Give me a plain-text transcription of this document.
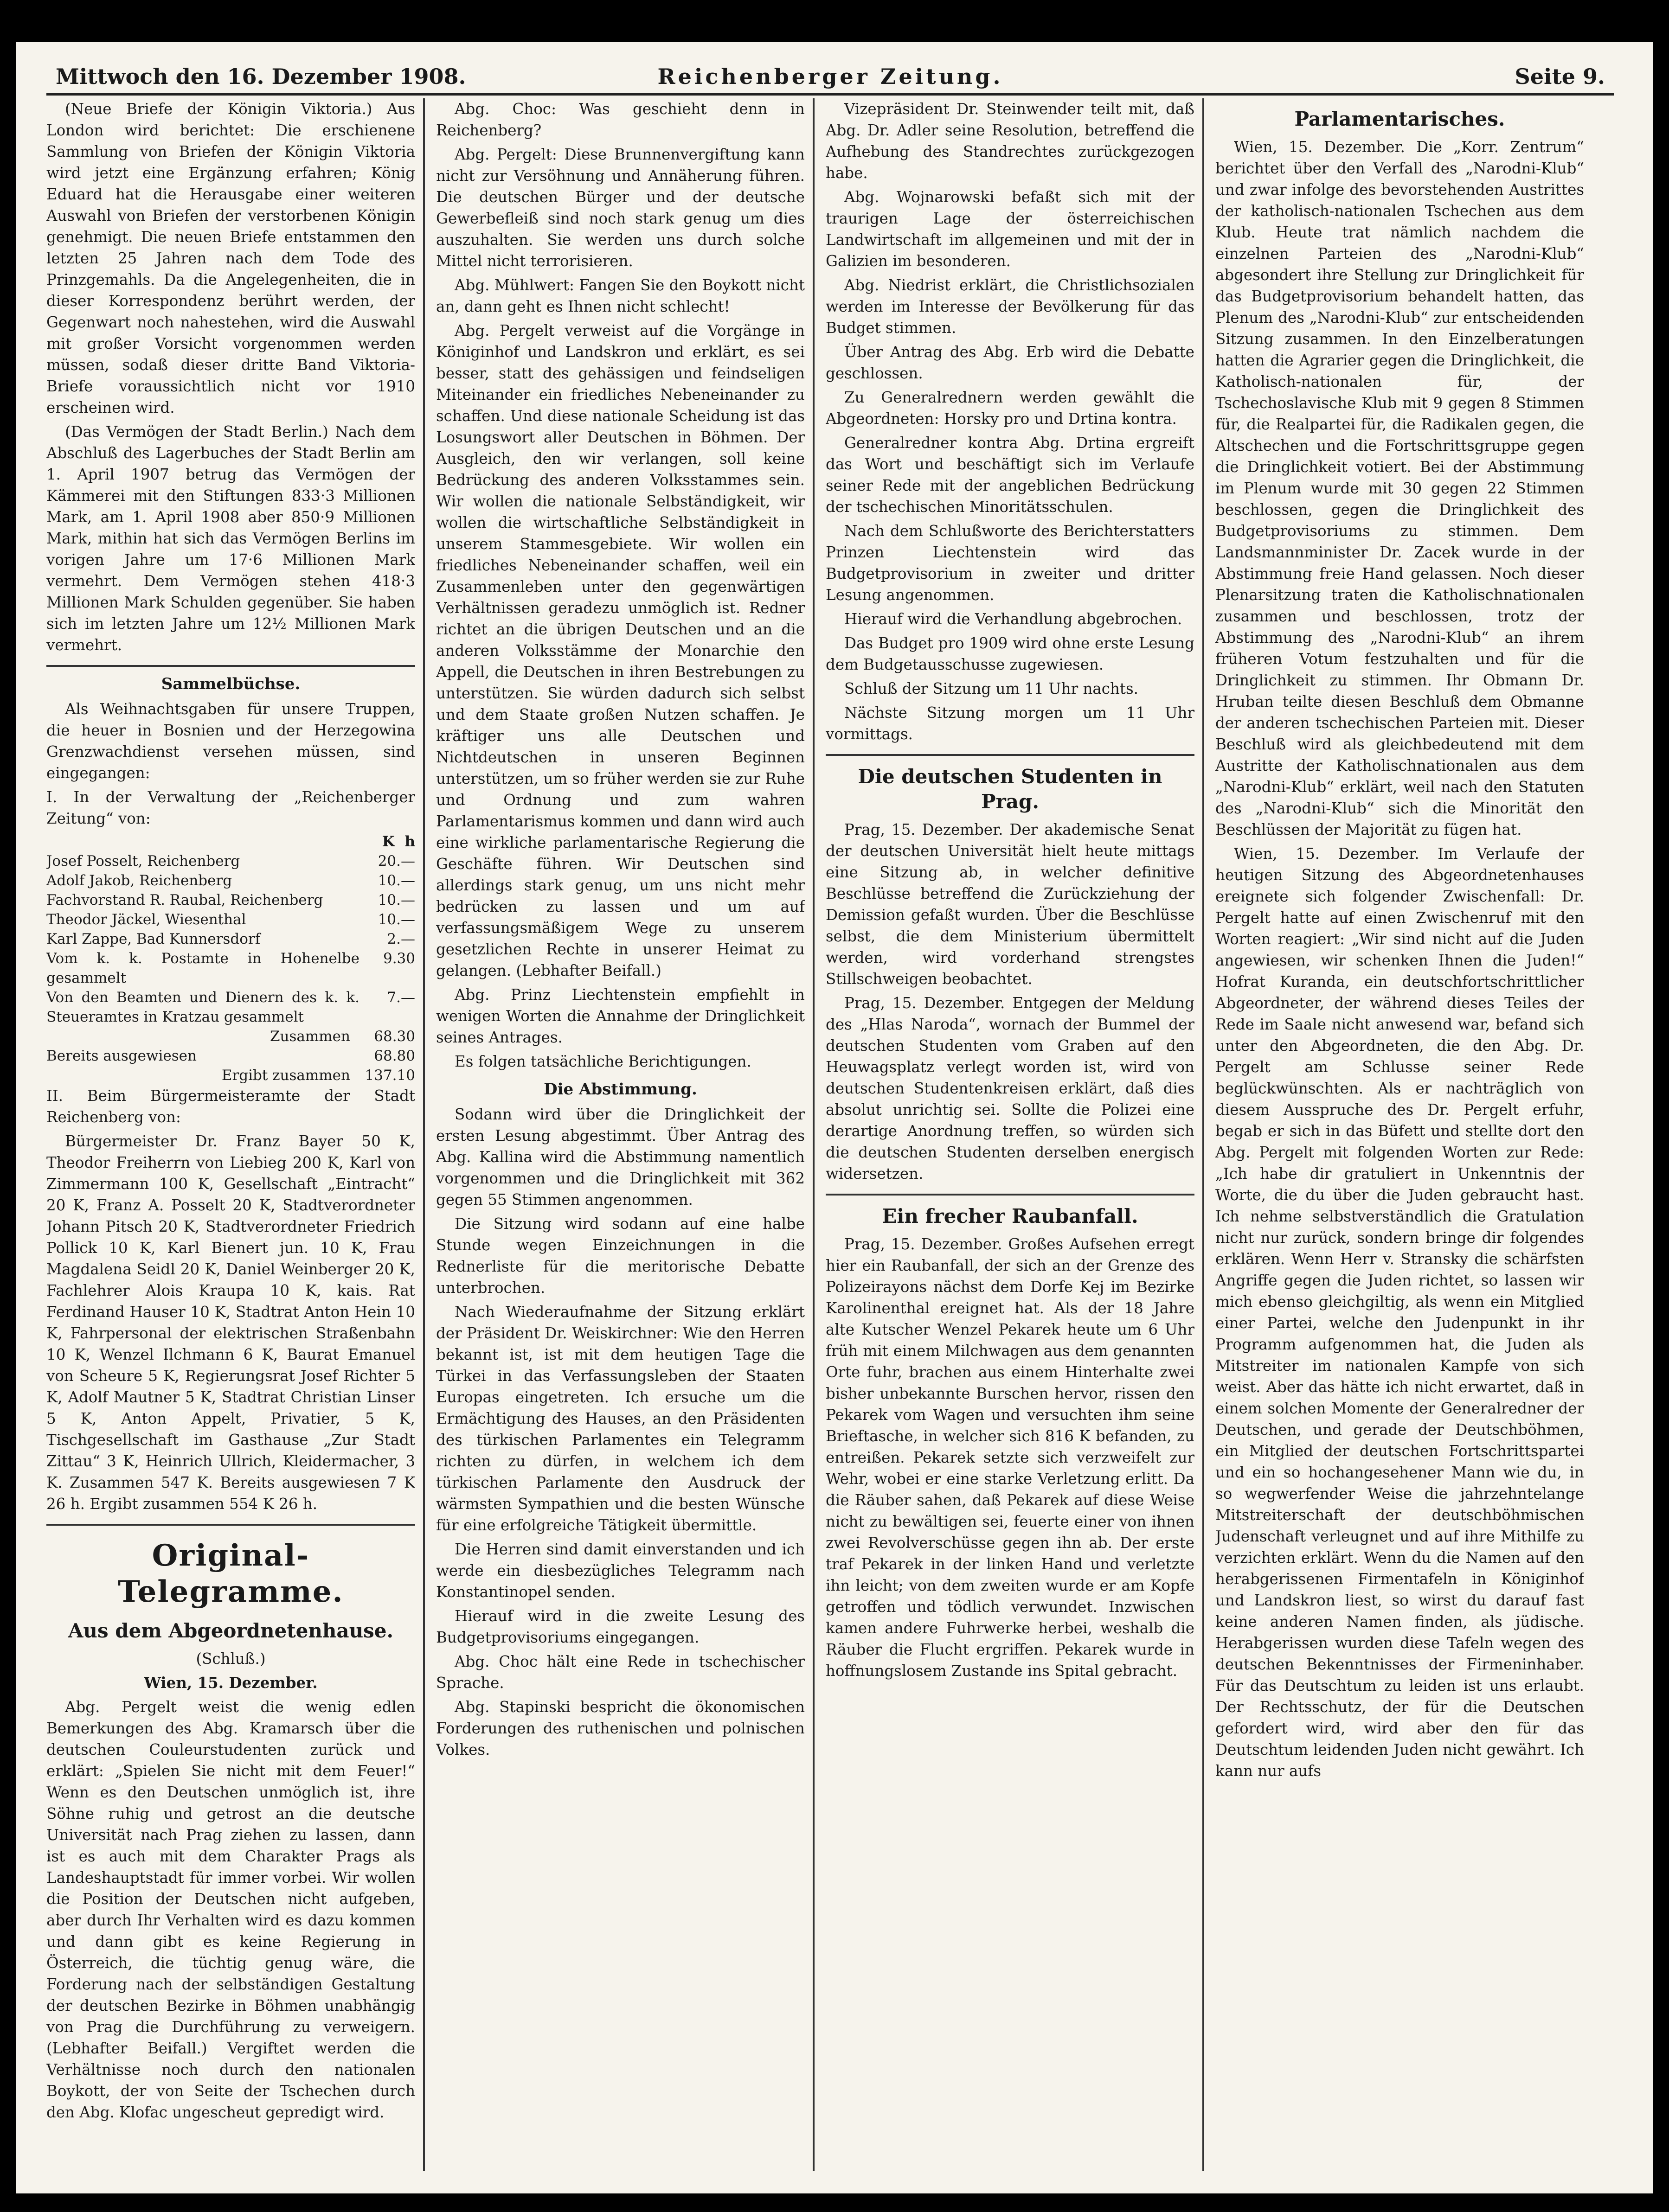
Mittwoch den 16. Dezember 1908.	Reichenberger Zeitung.	Seite 9.

(Neue Briefe der Königin Viktoria.) Aus London wird berichtet: Die erschienene Sammlung von Briefen der Königin Viktoria wird jetzt eine Ergänzung erfahren; König Eduard hat die Herausgabe einer weiteren Auswahl von Briefen der verstorbenen Königin genehmigt. Die neuen Briefe entstammen den letzten 25 Jahren nach dem Tode des Prinzgemahls. Da die Angelegenheiten, die in dieser Korrespondenz berührt werden, der Gegenwart noch nahestehen, wird die Auswahl mit großer Vorsicht vorgenommen werden müssen, sodaß dieser dritte Band Viktoria-Briefe voraussichtlich nicht vor 1910 erscheinen wird.

(Das Vermögen der Stadt Berlin.) Nach dem Abschluß des Lagerbuches der Stadt Berlin am 1. April 1907 betrug das Vermögen der Kämmerei mit den Stiftungen 833·3 Millionen Mark, am 1. April 1908 aber 850·9 Millionen Mark, mithin hat sich das Vermögen Berlins im vorigen Jahre um 17·6 Millionen Mark vermehrt. Dem Vermögen stehen 418·3 Millionen Mark Schulden gegenüber. Sie haben sich im letzten Jahre um 12½ Millionen Mark vermehrt.

Sammelbüchse.

Als Weihnachtsgaben für unsere Truppen, die heuer in Bosnien und der Herzegowina Grenzwachdienst versehen müssen, sind eingegangen:

I. In der Verwaltung der „Reichenberger Zeitung“ von:

	K h
Josef Posselt, Reichenberg	20.—
Adolf Jakob, Reichenberg	10.—
Fachvorstand R. Raubal, Reichenberg	10.—
Theodor Jäckel, Wiesenthal	10.—
Karl Zappe, Bad Kunnersdorf	2.—
Vom k. k. Postamte in Hohenelbe gesammelt	9.30
Von den Beamten und Dienern des k. k. Steueramtes in Kratzau gesammelt	7.—
Zusammen	68.30
Bereits ausgewiesen	68.80
Ergibt zusammen	137.10

II. Beim Bürgermeisteramte der Stadt Reichenberg von:

Bürgermeister Dr. Franz Bayer 50 K, Theodor Freiherrn von Liebieg 200 K, Karl von Zimmermann 100 K, Gesellschaft „Eintracht“ 20 K, Franz A. Posselt 20 K, Stadtverordneter Johann Pitsch 20 K, Stadtverordneter Friedrich Pollick 10 K, Karl Bienert jun. 10 K, Frau Magdalena Seidl 20 K, Daniel Weinberger 20 K, Fachlehrer Alois Kraupa 10 K, kais. Rat Ferdinand Hauser 10 K, Stadtrat Anton Hein 10 K, Fahrpersonal der elektrischen Straßenbahn 10 K, Wenzel Ilchmann 6 K, Baurat Emanuel von Scheure 5 K, Regierungsrat Josef Richter 5 K, Adolf Mautner 5 K, Stadtrat Christian Linser 5 K, Anton Appelt, Privatier, 5 K, Tischgesellschaft im Gasthause „Zur Stadt Zittau“ 3 K, Heinrich Ullrich, Kleidermacher, 3 K. Zusammen 547 K. Bereits ausgewiesen 7 K 26 h. Ergibt zusammen 554 K 26 h.

Original-Telegramme.
Aus dem Abgeordnetenhause.

(Schluß.)

Wien, 15. Dezember.

Abg. Pergelt weist die wenig edlen Bemerkungen des Abg. Kramarsch über die deutschen Couleurstudenten zurück und erklärt: „Spielen Sie nicht mit dem Feuer!“ Wenn es den Deutschen unmöglich ist, ihre Söhne ruhig und getrost an die deutsche Universität nach Prag ziehen zu lassen, dann ist es auch mit dem Charakter Prags als Landeshauptstadt für immer vorbei. Wir wollen die Position der Deutschen nicht aufgeben, aber durch Ihr Verhalten wird es dazu kommen und dann gibt es keine Regierung in Österreich, die tüchtig genug wäre, die Forderung nach der selbständigen Gestaltung der deutschen Bezirke in Böhmen unabhängig von Prag die Durchführung zu verweigern. (Lebhafter Beifall.) Vergiftet werden die Verhältnisse noch durch den nationalen Boykott, der von Seite der Tschechen durch den Abg. Klofac ungescheut gepredigt wird.

Abg. Choc: Was geschieht denn in Reichenberg?

Abg. Pergelt: Diese Brunnenvergiftung kann nicht zur Versöhnung und Annäherung führen. Die deutschen Bürger und der deutsche Gewerbefleiß sind noch stark genug um dies auszuhalten. Sie werden uns durch solche Mittel nicht terrorisieren.

Abg. Mühlwert: Fangen Sie den Boykott nicht an, dann geht es Ihnen nicht schlecht!

Abg. Pergelt verweist auf die Vorgänge in Königinhof und Landskron und erklärt, es sei besser, statt des gehässigen und feindseligen Miteinander ein friedliches Nebeneinander zu schaffen. Und diese nationale Scheidung ist das Losungswort aller Deutschen in Böhmen. Der Ausgleich, den wir verlangen, soll keine Bedrückung des anderen Volksstammes sein. Wir wollen die nationale Selbständigkeit, wir wollen die wirtschaftliche Selbständigkeit in unserem Stammesgebiete. Wir wollen ein friedliches Nebeneinander schaffen, weil ein Zusammenleben unter den gegenwärtigen Verhältnissen geradezu unmöglich ist. Redner richtet an die übrigen Deutschen und an die anderen Volksstämme der Monarchie den Appell, die Deutschen in ihren Bestrebungen zu unterstützen. Sie würden dadurch sich selbst und dem Staate großen Nutzen schaffen. Je kräftiger uns alle Deutschen und Nichtdeutschen in unseren Beginnen unterstützen, um so früher werden sie zur Ruhe und Ordnung und zum wahren Parlamentarismus kommen und dann wird auch eine wirkliche parlamentarische Regierung die Geschäfte führen. Wir Deutschen sind allerdings stark genug, um uns nicht mehr bedrücken zu lassen und um auf verfassungsmäßigem Wege zu unserem gesetzlichen Rechte in unserer Heimat zu gelangen. (Lebhafter Beifall.)

Abg. Prinz Liechtenstein empfiehlt in wenigen Worten die Annahme der Dringlichkeit seines Antrages.

Es folgen tatsächliche Berichtigungen.

Die Abstimmung.

Sodann wird über die Dringlichkeit der ersten Lesung abgestimmt. Über Antrag des Abg. Kallina wird die Abstimmung namentlich vorgenommen und die Dringlichkeit mit 362 gegen 55 Stimmen angenommen.

Die Sitzung wird sodann auf eine halbe Stunde wegen Einzeichnungen in die Rednerliste für die meritorische Debatte unterbrochen.

Nach Wiederaufnahme der Sitzung erklärt der Präsident Dr. Weiskirchner: Wie den Herren bekannt ist, ist mit dem heutigen Tage die Türkei in das Verfassungsleben der Staaten Europas eingetreten. Ich ersuche um die Ermächtigung des Hauses, an den Präsidenten des türkischen Parlamentes ein Telegramm richten zu dürfen, in welchem ich dem türkischen Parlamente den Ausdruck der wärmsten Sympathien und die besten Wünsche für eine erfolgreiche Tätigkeit übermittle.

Die Herren sind damit einverstanden und ich werde ein diesbezügliches Telegramm nach Konstantinopel senden.

Hierauf wird in die zweite Lesung des Budgetprovisoriums eingegangen.

Abg. Choc hält eine Rede in tschechischer Sprache.

Abg. Stapinski bespricht die ökonomischen Forderungen des ruthenischen und polnischen Volkes.

Vizepräsident Dr. Steinwender teilt mit, daß Abg. Dr. Adler seine Resolution, betreffend die Aufhebung des Standrechtes zurückgezogen habe.

Abg. Wojnarowski befaßt sich mit der traurigen Lage der österreichischen Landwirtschaft im allgemeinen und mit der in Galizien im besonderen.

Abg. Niedrist erklärt, die Christlichsozialen werden im Interesse der Bevölkerung für das Budget stimmen.

Über Antrag des Abg. Erb wird die Debatte geschlossen.

Zu Generalrednern werden gewählt die Abgeordneten: Horsky pro und Drtina kontra.

Generalredner kontra Abg. Drtina ergreift das Wort und beschäftigt sich im Verlaufe seiner Rede mit der angeblichen Bedrückung der tschechischen Minoritätsschulen.

Nach dem Schlußworte des Berichterstatters Prinzen Liechtenstein wird das Budgetprovisorium in zweiter und dritter Lesung angenommen.

Hierauf wird die Verhandlung abgebrochen.

Das Budget pro 1909 wird ohne erste Lesung dem Budgetausschusse zugewiesen.

Schluß der Sitzung um 11 Uhr nachts.

Nächste Sitzung morgen um 11 Uhr vormittags.

Die deutschen Studenten in Prag.

Prag, 15. Dezember. Der akademische Senat der deutschen Universität hielt heute mittags eine Sitzung ab, in welcher definitive Beschlüsse betreffend die Zurückziehung der Demission gefaßt wurden. Über die Beschlüsse selbst, die dem Ministerium übermittelt werden, wird vorderhand strengstes Stillschweigen beobachtet.

Prag, 15. Dezember. Entgegen der Meldung des „Hlas Naroda“, wornach der Bummel der deutschen Studenten vom Graben auf den Heuwagsplatz verlegt worden ist, wird von deutschen Studentenkreisen erklärt, daß dies absolut unrichtig sei. Sollte die Polizei eine derartige Anordnung treffen, so würden sich die deutschen Studenten derselben energisch widersetzen.

Ein frecher Raubanfall.

Prag, 15. Dezember. Großes Aufsehen erregt hier ein Raubanfall, der sich an der Grenze des Polizeirayons nächst dem Dorfe Kej im Bezirke Karolinenthal ereignet hat. Als der 18 Jahre alte Kutscher Wenzel Pekarek heute um 6 Uhr früh mit einem Milchwagen aus dem genannten Orte fuhr, brachen aus einem Hinterhalte zwei bisher unbekannte Burschen hervor, rissen den Pekarek vom Wagen und versuchten ihm seine Brieftasche, in welcher sich 816 K befanden, zu entreißen. Pekarek setzte sich verzweifelt zur Wehr, wobei er eine starke Verletzung erlitt. Da die Räuber sahen, daß Pekarek auf diese Weise nicht zu bewältigen sei, feuerte einer von ihnen zwei Revolverschüsse gegen ihn ab. Der erste traf Pekarek in der linken Hand und verletzte ihn leicht; von dem zweiten wurde er am Kopfe getroffen und tödlich verwundet. Inzwischen kamen andere Fuhrwerke herbei, weshalb die Räuber die Flucht ergriffen. Pekarek wurde in hoffnungslosem Zustande ins Spital gebracht.

Parlamentarisches.

Wien, 15. Dezember. Die „Korr. Zentrum“ berichtet über den Verfall des „Narodni-Klub“ und zwar infolge des bevorstehenden Austrittes der katholisch-nationalen Tschechen aus dem Klub. Heute trat nämlich nachdem die einzelnen Parteien des „Narodni-Klub“ abgesondert ihre Stellung zur Dringlichkeit für das Budgetprovisorium behandelt hatten, das Plenum des „Narodni-Klub“ zur entscheidenden Sitzung zusammen. In den Einzelberatungen hatten die Agrarier gegen die Dringlichkeit, die Katholisch-nationalen für, der Tschechoslavische Klub mit 9 gegen 8 Stimmen für, die Realpartei für, die Radikalen gegen, die Altschechen und die Fortschrittsgruppe gegen die Dringlichkeit votiert. Bei der Abstimmung im Plenum wurde mit 30 gegen 22 Stimmen beschlossen, gegen die Dringlichkeit des Budgetprovisoriums zu stimmen. Dem Landsmannminister Dr. Zacek wurde in der Abstimmung freie Hand gelassen. Noch dieser Plenarsitzung traten die Katholischnationalen zusammen und beschlossen, trotz der Abstimmung des „Narodni-Klub“ an ihrem früheren Votum festzuhalten und für die Dringlichkeit zu stimmen. Ihr Obmann Dr. Hruban teilte diesen Beschluß dem Obmanne der anderen tschechischen Parteien mit. Dieser Beschluß wird als gleichbedeutend mit dem Austritte der Katholischnationalen aus dem „Narodni-Klub“ erklärt, weil nach den Statuten des „Narodni-Klub“ sich die Minorität den Beschlüssen der Majorität zu fügen hat.

Wien, 15. Dezember. Im Verlaufe der heutigen Sitzung des Abgeordnetenhauses ereignete sich folgender Zwischenfall: Dr. Pergelt hatte auf einen Zwischenruf mit den Worten reagiert: „Wir sind nicht auf die Juden angewiesen, wir schenken Ihnen die Juden!“ Hofrat Kuranda, ein deutschfortschrittlicher Abgeordneter, der während dieses Teiles der Rede im Saale nicht anwesend war, befand sich unter den Abgeordneten, die den Abg. Dr. Pergelt am Schlusse seiner Rede beglückwünschten. Als er nachträglich von diesem Ausspruche des Dr. Pergelt erfuhr, begab er sich in das Büfett und stellte dort den Abg. Pergelt mit folgenden Worten zur Rede: „Ich habe dir gratuliert in Unkenntnis der Worte, die du über die Juden gebraucht hast. Ich nehme selbstverständlich die Gratulation nicht nur zurück, sondern bringe dir folgendes erklären. Wenn Herr v. Stransky die schärfsten Angriffe gegen die Juden richtet, so lassen wir mich ebenso gleichgiltig, als wenn ein Mitglied einer Partei, welche den Judenpunkt in ihr Programm aufgenommen hat, die Juden als Mitstreiter im nationalen Kampfe von sich weist. Aber das hätte ich nicht erwartet, daß in einem solchen Momente der Generalredner der Deutschen, und gerade der Deutschböhmen, ein Mitglied der deutschen Fortschrittspartei und ein so hochangesehener Mann wie du, in so wegwerfender Weise die jahrzehntelange Mitstreiterschaft der deutschböhmischen Judenschaft verleugnet und auf ihre Mithilfe zu verzichten erklärt. Wenn du die Namen auf den herabgerissenen Firmentafeln in Königinhof und Landskron liest, so wirst du darauf fast keine anderen Namen finden, als jüdische. Herabgerissen wurden diese Tafeln wegen des deutschen Bekenntnisses der Firmeninhaber. Für das Deutschtum zu leiden ist uns erlaubt. Der Rechtsschutz, der für die Deutschen gefordert wird, wird aber den für das Deutschtum leidenden Juden nicht gewährt. Ich kann nur aufs
